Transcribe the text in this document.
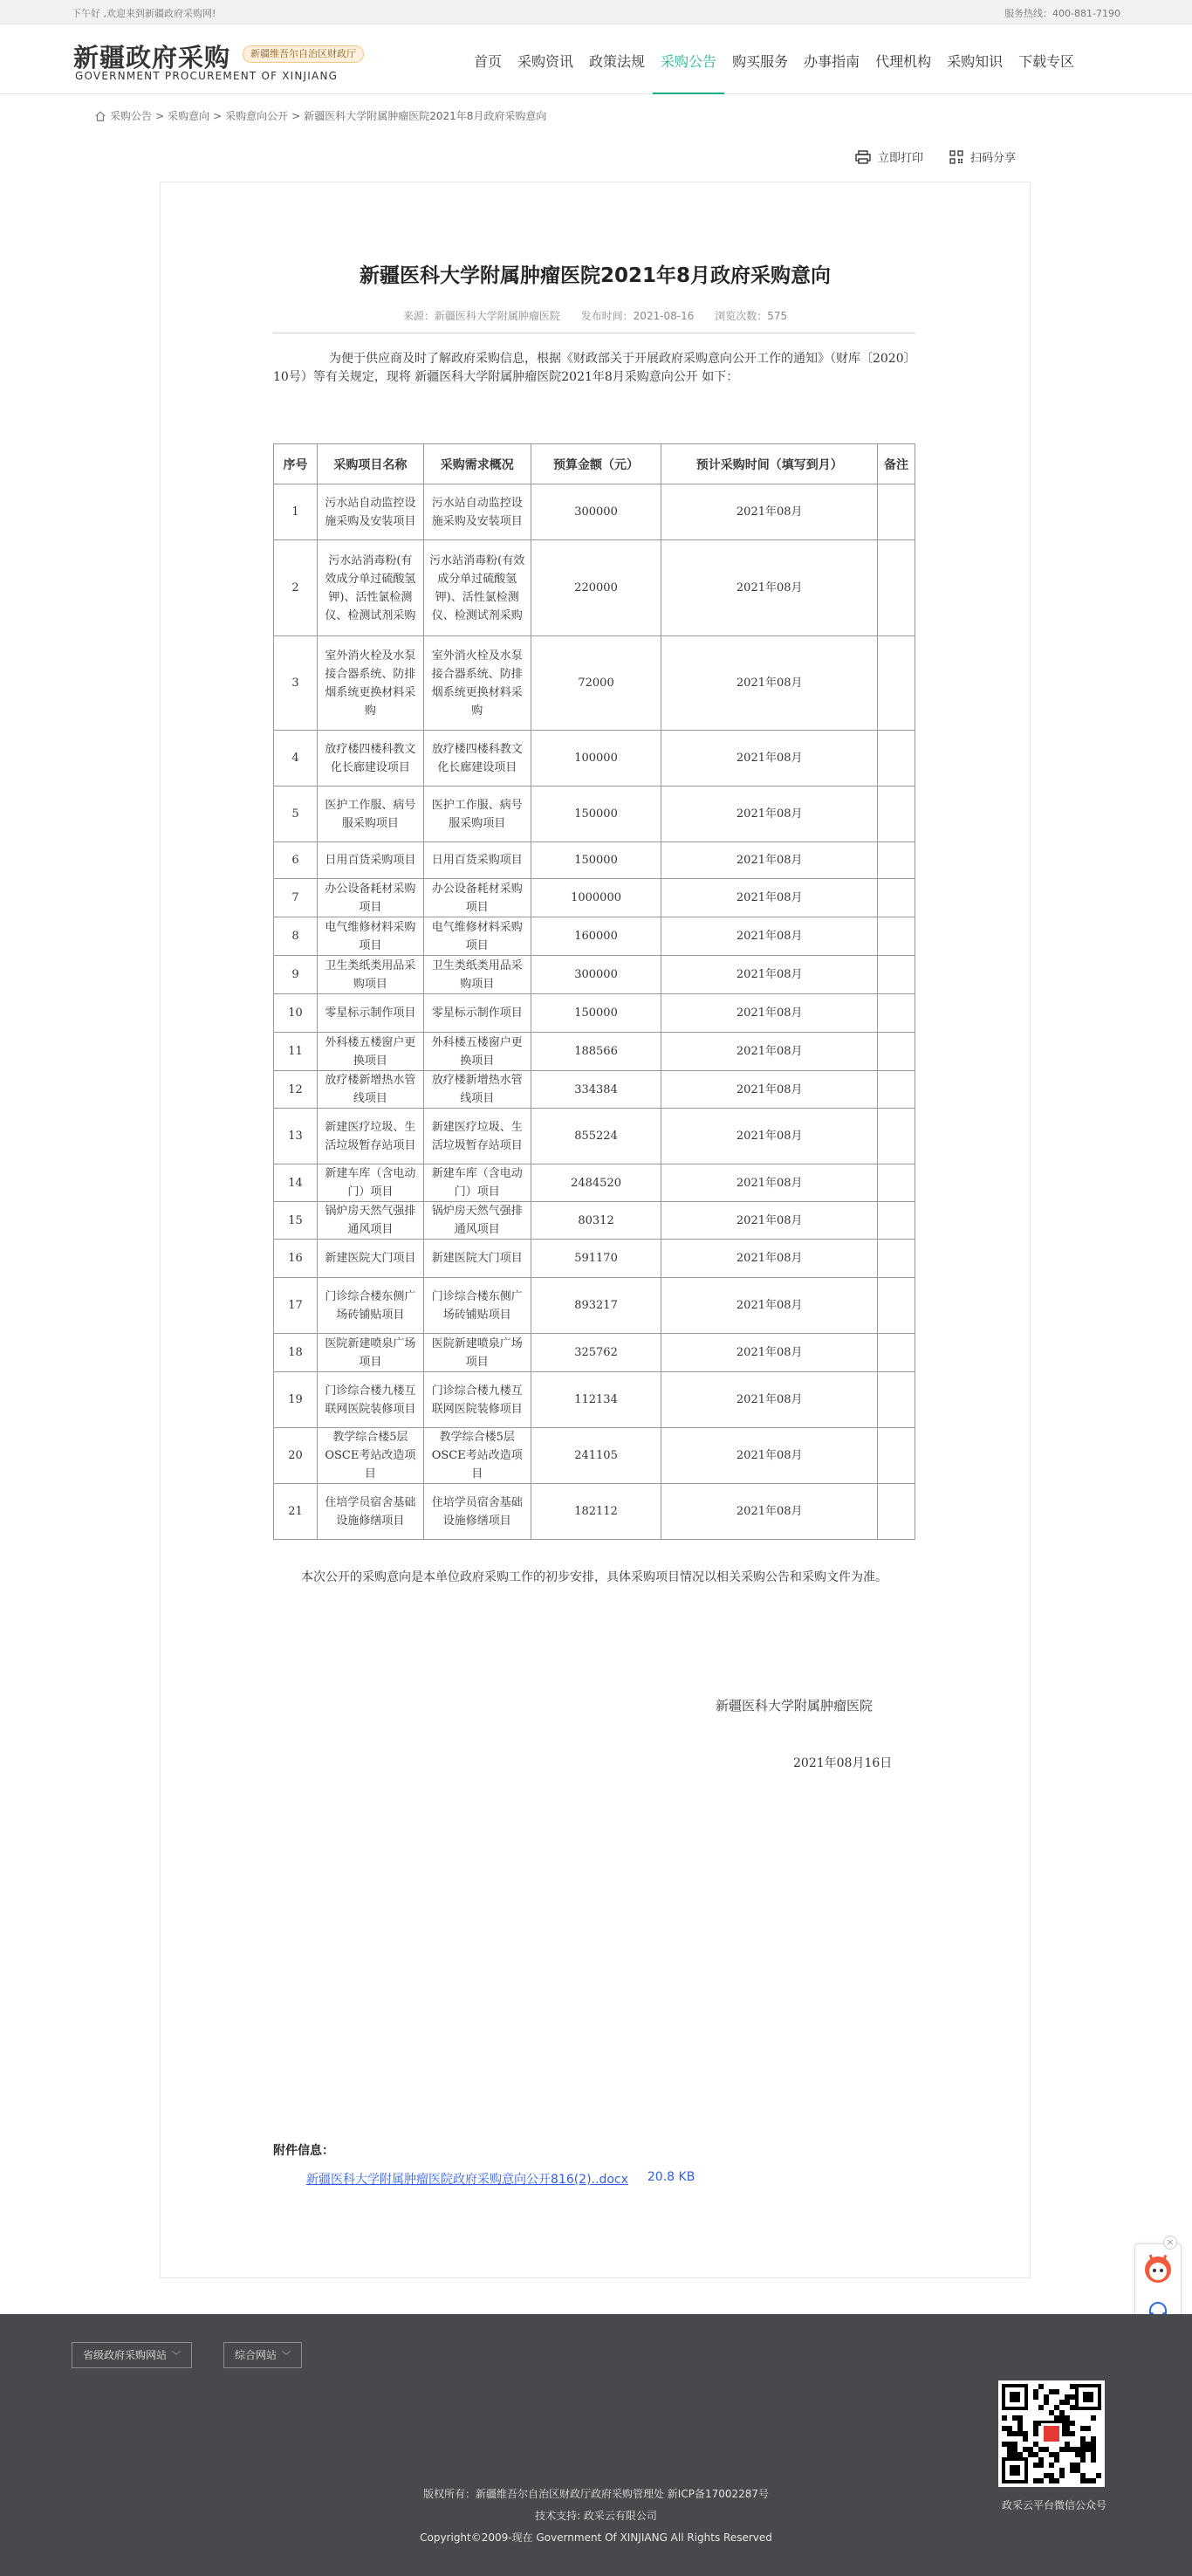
下午好 ,欢迎来到新疆政府采购网!	服务热线：400-881-7190
新疆政府采购
GOVERNMENT PROCUREMENT OF XINJIANG
新疆维吾尔自治区财政厅	首页	采购资讯	政策法规	采购公告	购买服务	办事指南	代理机构	采购知识	下载专区
采购公告 > 采购意向 > 采购意向公开 > 新疆医科大学附属肿瘤医院2021年8月政府采购意向
立即打印	扫码分享
新疆医科大学附属肿瘤医院2021年8月政府采购意向
来源：新疆医科大学附属肿瘤医院 发布时间：2021-08-16 浏览次数：575

为便于供应商及时了解政府采购信息，根据《财政部关于开展政府采购意向公开工作的通知》（财库〔2020〕10号）等有关规定，现将 新疆医科大学附属肿瘤医院2021年8月采购意向公开 如下：

序号	采购项目名称	采购需求概况	预算金额（元）	预计采购时间（填写到月）	备注
1	污水站自动监控设施采购及安装项目	污水站自动监控设施采购及安装项目	300000	2021年08月	
2	污水站消毒粉(有效成分单过硫酸氢钾)、活性氯检测仪、检测试剂采购	污水站消毒粉(有效成分单过硫酸氢钾)、活性氯检测仪、检测试剂采购	220000	2021年08月	
3	室外消火栓及水泵接合器系统、防排烟系统更换材料采购	室外消火栓及水泵接合器系统、防排烟系统更换材料采购	72000	2021年08月	
4	放疗楼四楼科教文化长廊建设项目	放疗楼四楼科教文化长廊建设项目	100000	2021年08月	
5	医护工作服、病号服采购项目	医护工作服、病号服采购项目	150000	2021年08月	
6	日用百货采购项目	日用百货采购项目	150000	2021年08月	
7	办公设备耗材采购项目	办公设备耗材采购项目	1000000	2021年08月	
8	电气维修材料采购项目	电气维修材料采购项目	160000	2021年08月	
9	卫生类纸类用品采购项目	卫生类纸类用品采购项目	300000	2021年08月	
10	零星标示制作项目	零星标示制作项目	150000	2021年08月	
11	外科楼五楼窗户更换项目	外科楼五楼窗户更换项目	188566	2021年08月	
12	放疗楼新增热水管线项目	放疗楼新增热水管线项目	334384	2021年08月	
13	新建医疗垃圾、生活垃圾暂存站项目	新建医疗垃圾、生活垃圾暂存站项目	855224	2021年08月	
14	新建车库（含电动门）项目	新建车库（含电动门）项目	2484520	2021年08月	
15	锅炉房天然气强排通风项目	锅炉房天然气强排通风项目	80312	2021年08月	
16	新建医院大门项目	新建医院大门项目	591170	2021年08月	
17	门诊综合楼东侧广场砖铺贴项目	门诊综合楼东侧广场砖铺贴项目	893217	2021年08月	
18	医院新建喷泉广场项目	医院新建喷泉广场项目	325762	2021年08月	
19	门诊综合楼九楼互联网医院装修项目	门诊综合楼九楼互联网医院装修项目	112134	2021年08月	
20	教学综合楼5层OSCE考站改造项目	教学综合楼5层OSCE考站改造项目	241105	2021年08月	
21	住培学员宿舍基础设施修缮项目	住培学员宿舍基础设施修缮项目	182112	2021年08月	

本次公开的采购意向是本单位政府采购工作的初步安排，具体采购项目情况以相关采购公告和采购文件为准。

新疆医科大学附属肿瘤医院
2021年08月16日
附件信息：
新疆医科大学附属肿瘤医院政府采购意向公开816(2)..docx 20.8 KB
×
省级政府采购网站 ﹀	综合网站 ﹀
政采云平台微信公众号
版权所有：新疆维吾尔自治区财政厅政府采购管理处 新ICP备17002287号
技术支持: 政采云有限公司
Copyright©2009-现在 Government Of XINJIANG All Rights Reserved
